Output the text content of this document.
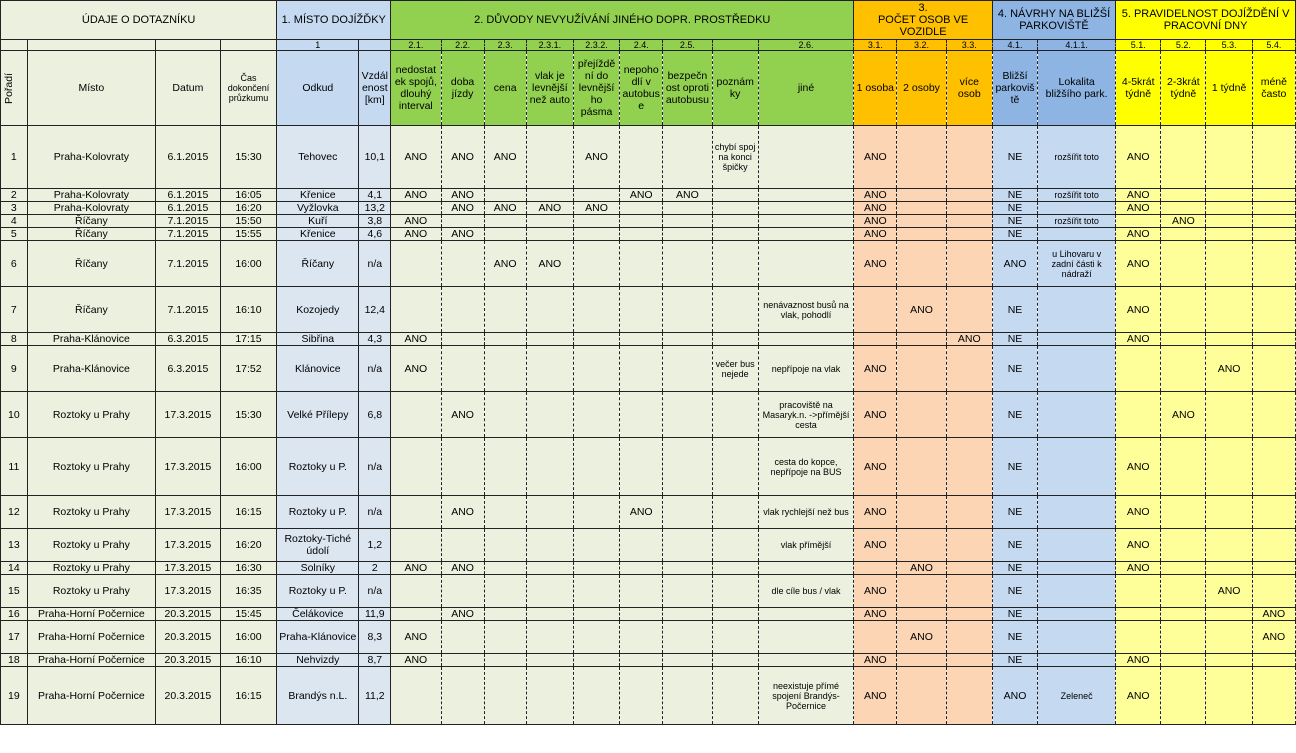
ÚDAJE O DOTAZNÍKU				1. MÍSTO DOJÍŽĎKY		2. DŮVODY NEVYUŽÍVÁNÍ JINÉHO DOPR. PROSTŘEDKU									3.
POČET OSOB VE VOZIDLE			4. NÁVRHY NA BLIŽŠÍ PARKOVIŠTĚ		5. PRAVIDELNOST DOJÍŽDĚNÍ V PRACOVNÍ DNY			
				1		2.1.	2.2.	2.3.	2.3.1.	2.3.2.	2.4.	2.5.		2.6.	3.1.	3.2.	3.3.	4.1.	4.1.1.	5.1.	5.2.	5.3.	5.4.

Pořadí	Místo	Datum	Čas dokončení průzkumu	Odkud	Vzdálenost [km]	nedostatek spojů, dlouhý interval	doba jízdy	cena	vlak je levnější než auto	přejíždění do levnějšího pásma	nepohodlí v autobuse	bezpečnost oproti autobusu	poznámky	jiné	1 osoba	2 osoby	více osob	Bližší parkoviště	Lokalita bližšího park.	4-5krát týdně	2-3krát týdně	1 týdně	méně často
1	Praha-Kolovraty	6.1.2015	15:30	Tehovec	10,1	ANO	ANO	ANO		ANO			chybí spoj na konci špičky		ANO			NE	rozšířit toto	ANO			
2	Praha-Kolovraty	6.1.2015	16:05	Křenice	4,1	ANO	ANO				ANO	ANO			ANO			NE	rozšířit toto	ANO			
3	Praha-Kolovraty	6.1.2015	16:20	Vyžlovka	13,2		ANO	ANO	ANO	ANO					ANO			NE		ANO			
4	Říčany	7.1.2015	15:50	Kuří	3,8	ANO									ANO			NE	rozšířit toto		ANO		
5	Říčany	7.1.2015	15:55	Křenice	4,6	ANO	ANO								ANO			NE		ANO			
6	Říčany	7.1.2015	16:00	Říčany	n/a			ANO	ANO						ANO			ANO	u Lihovaru v zadní části k nádraží	ANO			
7	Říčany	7.1.2015	16:10	Kozojedy	12,4									nenávaznost busů na vlak, pohodlí		ANO		NE		ANO			
8	Praha-Klánovice	6.3.2015	17:15	Sibřina	4,3	ANO											ANO	NE		ANO			
9	Praha-Klánovice	6.3.2015	17:52	Klánovice	n/a	ANO							večer bus nejede	nepřípoje na vlak	ANO			NE				ANO	
10	Roztoky u Prahy	17.3.2015	15:30	Velké Přílepy	6,8		ANO							pracoviště na Masaryk.n. ->přímější cesta	ANO			NE			ANO		
11	Roztoky u Prahy	17.3.2015	16:00	Roztoky u P.	n/a									cesta do kopce, nepřípoje na BUS	ANO			NE		ANO			
12	Roztoky u Prahy	17.3.2015	16:15	Roztoky u P.	n/a		ANO				ANO			vlak rychlejší než bus	ANO			NE		ANO			
13	Roztoky u Prahy	17.3.2015	16:20	Roztoky-Tiché údolí	1,2									vlak přímější	ANO			NE		ANO			
14	Roztoky u Prahy	17.3.2015	16:30	Solníky	2	ANO	ANO									ANO		NE		ANO			
15	Roztoky u Prahy	17.3.2015	16:35	Roztoky u P.	n/a									dle cíle bus / vlak	ANO			NE				ANO	
16	Praha-Horní Počernice	20.3.2015	15:45	Čelákovice	11,9		ANO								ANO			NE					ANO
17	Praha-Horní Počernice	20.3.2015	16:00	Praha-Klánovice	8,3	ANO										ANO		NE					ANO
18	Praha-Horní Počernice	20.3.2015	16:10	Nehvizdy	8,7	ANO									ANO			NE		ANO			
19	Praha-Horní Počernice	20.3.2015	16:15	Brandýs n.L.	11,2									neexistuje přímé spojení Brandýs-Počernice	ANO			ANO	Zeleneč	ANO			
